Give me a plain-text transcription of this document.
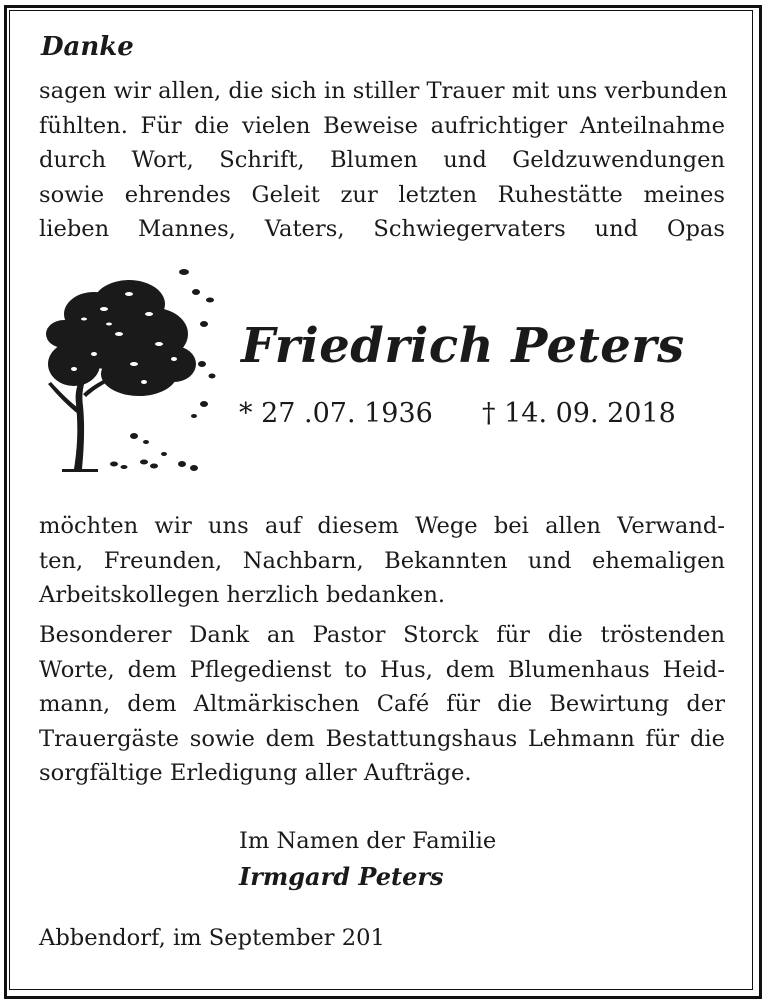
Danke
sagen wir allen, die sich in stiller Trauer mit uns verbunden
fühlten. Für die vielen Beweise aufrichtiger Anteilnahme
durch Wort, Schrift, Blumen und Geldzuwendungen
sowie ehrendes Geleit zur letzten Ruhestätte meines
lieben Mannes, Vaters, Schwiegervaters und Opas
Friedrich Peters
* 27 .07. 1936 † 14. 09. 2018
möchten wir uns auf diesem Wege bei allen Verwand-
ten, Freunden, Nachbarn, Bekannten und ehemaligen
Arbeitskollegen herzlich bedanken.
Besonderer Dank an Pastor Storck für die tröstenden
Worte, dem Pflegedienst to Hus, dem Blumenhaus Heid-
mann, dem Altmärkischen Café für die Bewirtung der
Trauergäste sowie dem Bestattungshaus Lehmann für die
sorgfältige Erledigung aller Aufträge.
Im Namen der Familie
Irmgard Peters
Abbendorf, im September 201
